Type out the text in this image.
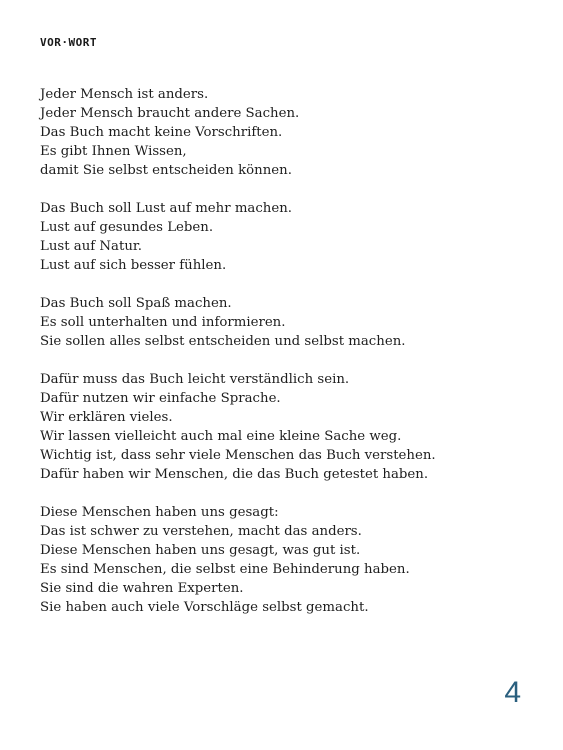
VOR·WORT

Jeder Mensch ist anders.
Jeder Mensch braucht andere Sachen.
Das Buch macht keine Vorschriften.
Es gibt Ihnen Wissen,
damit Sie selbst entscheiden können.

Das Buch soll Lust auf mehr machen.
Lust auf gesundes Leben.
Lust auf Natur.
Lust auf sich besser fühlen.

Das Buch soll Spaß machen.
Es soll unterhalten und informieren.
Sie sollen alles selbst entscheiden und selbst machen.

Dafür muss das Buch leicht verständlich sein.
Dafür nutzen wir einfache Sprache.
Wir erklären vieles.
Wir lassen vielleicht auch mal eine kleine Sache weg.
Wichtig ist, dass sehr viele Menschen das Buch verstehen.
Dafür haben wir Menschen, die das Buch getestet haben.

Diese Menschen haben uns gesagt:
Das ist schwer zu verstehen, macht das anders.
Diese Menschen haben uns gesagt, was gut ist.
Es sind Menschen, die selbst eine Behinderung haben.
Sie sind die wahren Experten.
Sie haben auch viele Vorschläge selbst gemacht.

4
